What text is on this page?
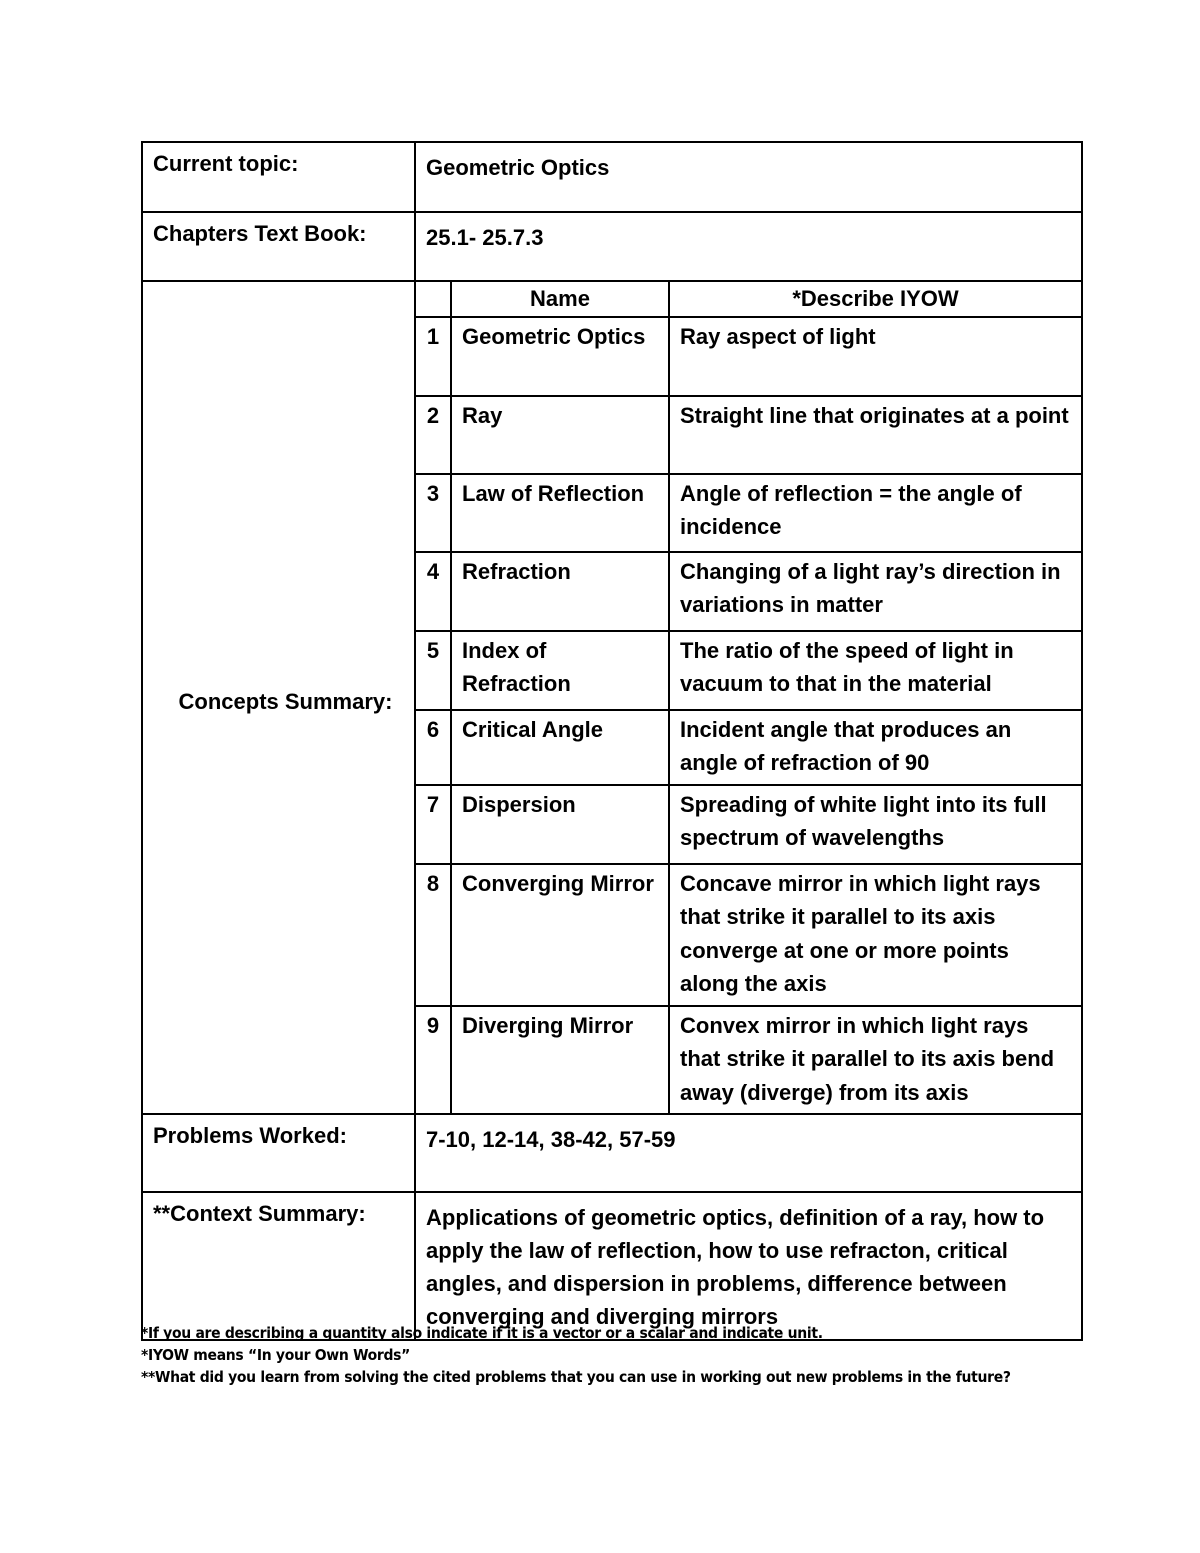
Current topic:	Geometric Optics
Chapters Text Book:	25.1- 25.7.3
Concepts Summary:	
	Name	*Describe IYOW
1	Geometric Optics	Ray aspect of light
2	Ray	Straight line that originates at a point
3	Law of Reflection	Angle of reflection = the angle of incidence
4	Refraction	Changing of a light ray’s direction in variations in matter
5	Index of Refraction	The ratio of the speed of light in vacuum to that in the material
6	Critical Angle	Incident angle that produces an angle of refraction of 90
7	Dispersion	Spreading of white light into its full spectrum of wavelengths
8	Converging Mirror	Concave mirror in which light rays that strike it parallel to its axis converge at one or more points along the axis
9	Diverging Mirror	Convex mirror in which light rays that strike it parallel to its axis bend away (diverge) from its axis

Problems Worked:	7-10, 12-14, 38-42, 57-59
**Context Summary:	Applications of geometric optics, definition of a ray, how to apply the law of reflection, how to use refracton, critical angles, and dispersion in problems, difference between converging and diverging mirrors
*If you are describing a quantity also indicate if it is a vector or a scalar and indicate unit.
*IYOW means “In your Own Words”
**What did you learn from solving the cited problems that you can use in working out new problems in the future?
